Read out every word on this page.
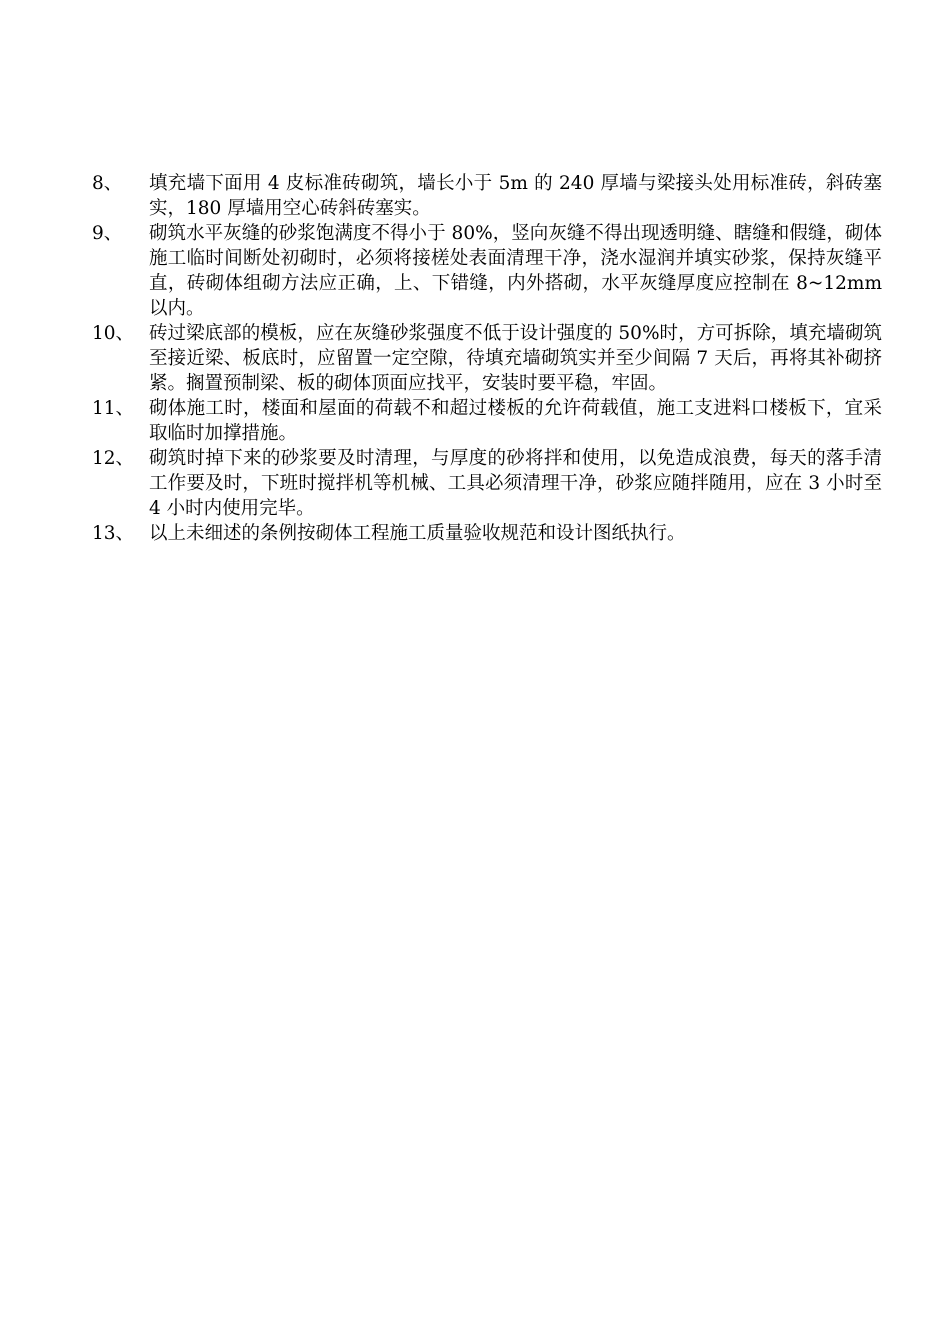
8、	填充墙下面用 4 皮标准砖砌筑，墙长小于 5m 的 240 厚墙与梁接头处用标准砖，斜砖塞实，180 厚墙用空心砖斜砖塞实。
9、	砌筑水平灰缝的砂浆饱满度不得小于 80%，竖向灰缝不得出现透明缝、瞎缝和假缝，砌体施工临时间断处初砌时，必须将接槎处表面清理干净，浇水湿润并填实砂浆，保持灰缝平直，砖砌体组砌方法应正确，上、下错缝，内外搭砌，水平灰缝厚度应控制在 8~12mm 以内。
10、 砖过梁底部的模板，应在灰缝砂浆强度不低于设计强度的 50%时，方可拆除，填充墙砌筑至接近梁、板底时，应留置一定空隙，待填充墙砌筑实并至少间隔 7 天后，再将其补砌挤紧。搁置预制梁、板的砌体顶面应找平，安装时要平稳，牢固。
11、 砌体施工时，楼面和屋面的荷载不和超过楼板的允许荷载值，施工支进料口楼板下，宜采取临时加撑措施。
12、 砌筑时掉下来的砂浆要及时清理，与厚度的砂将拌和使用，以免造成浪费，每天的落手清工作要及时，下班时搅拌机等机械、工具必须清理干净，砂浆应随拌随用，应在 3 小时至 4 小时内使用完毕。
13、 以上未细述的条例按砌体工程施工质量验收规范和设计图纸执行。
